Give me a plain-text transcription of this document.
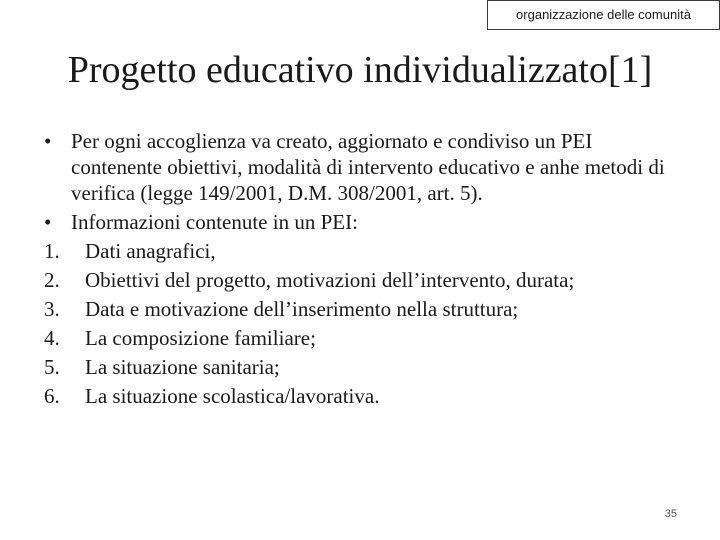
organizzazione delle comunità
Progetto educativo individualizzato[1]
• Per ogni accoglienza va creato, aggiornato e condiviso un PEI contenente obiettivi, modalità di intervento educativo e anhe metodi di verifica (legge 149/2001, D.M. 308/2001, art. 5).
• Informazioni contenute in un PEI:
1.	Dati anagrafici,
2.	Obiettivi del progetto, motivazioni dell’intervento, durata;
3.	Data e motivazione dell’inserimento nella struttura;
4.	La composizione familiare;
5.	La situazione sanitaria;
6.	La situazione scolastica/lavorativa.
35
